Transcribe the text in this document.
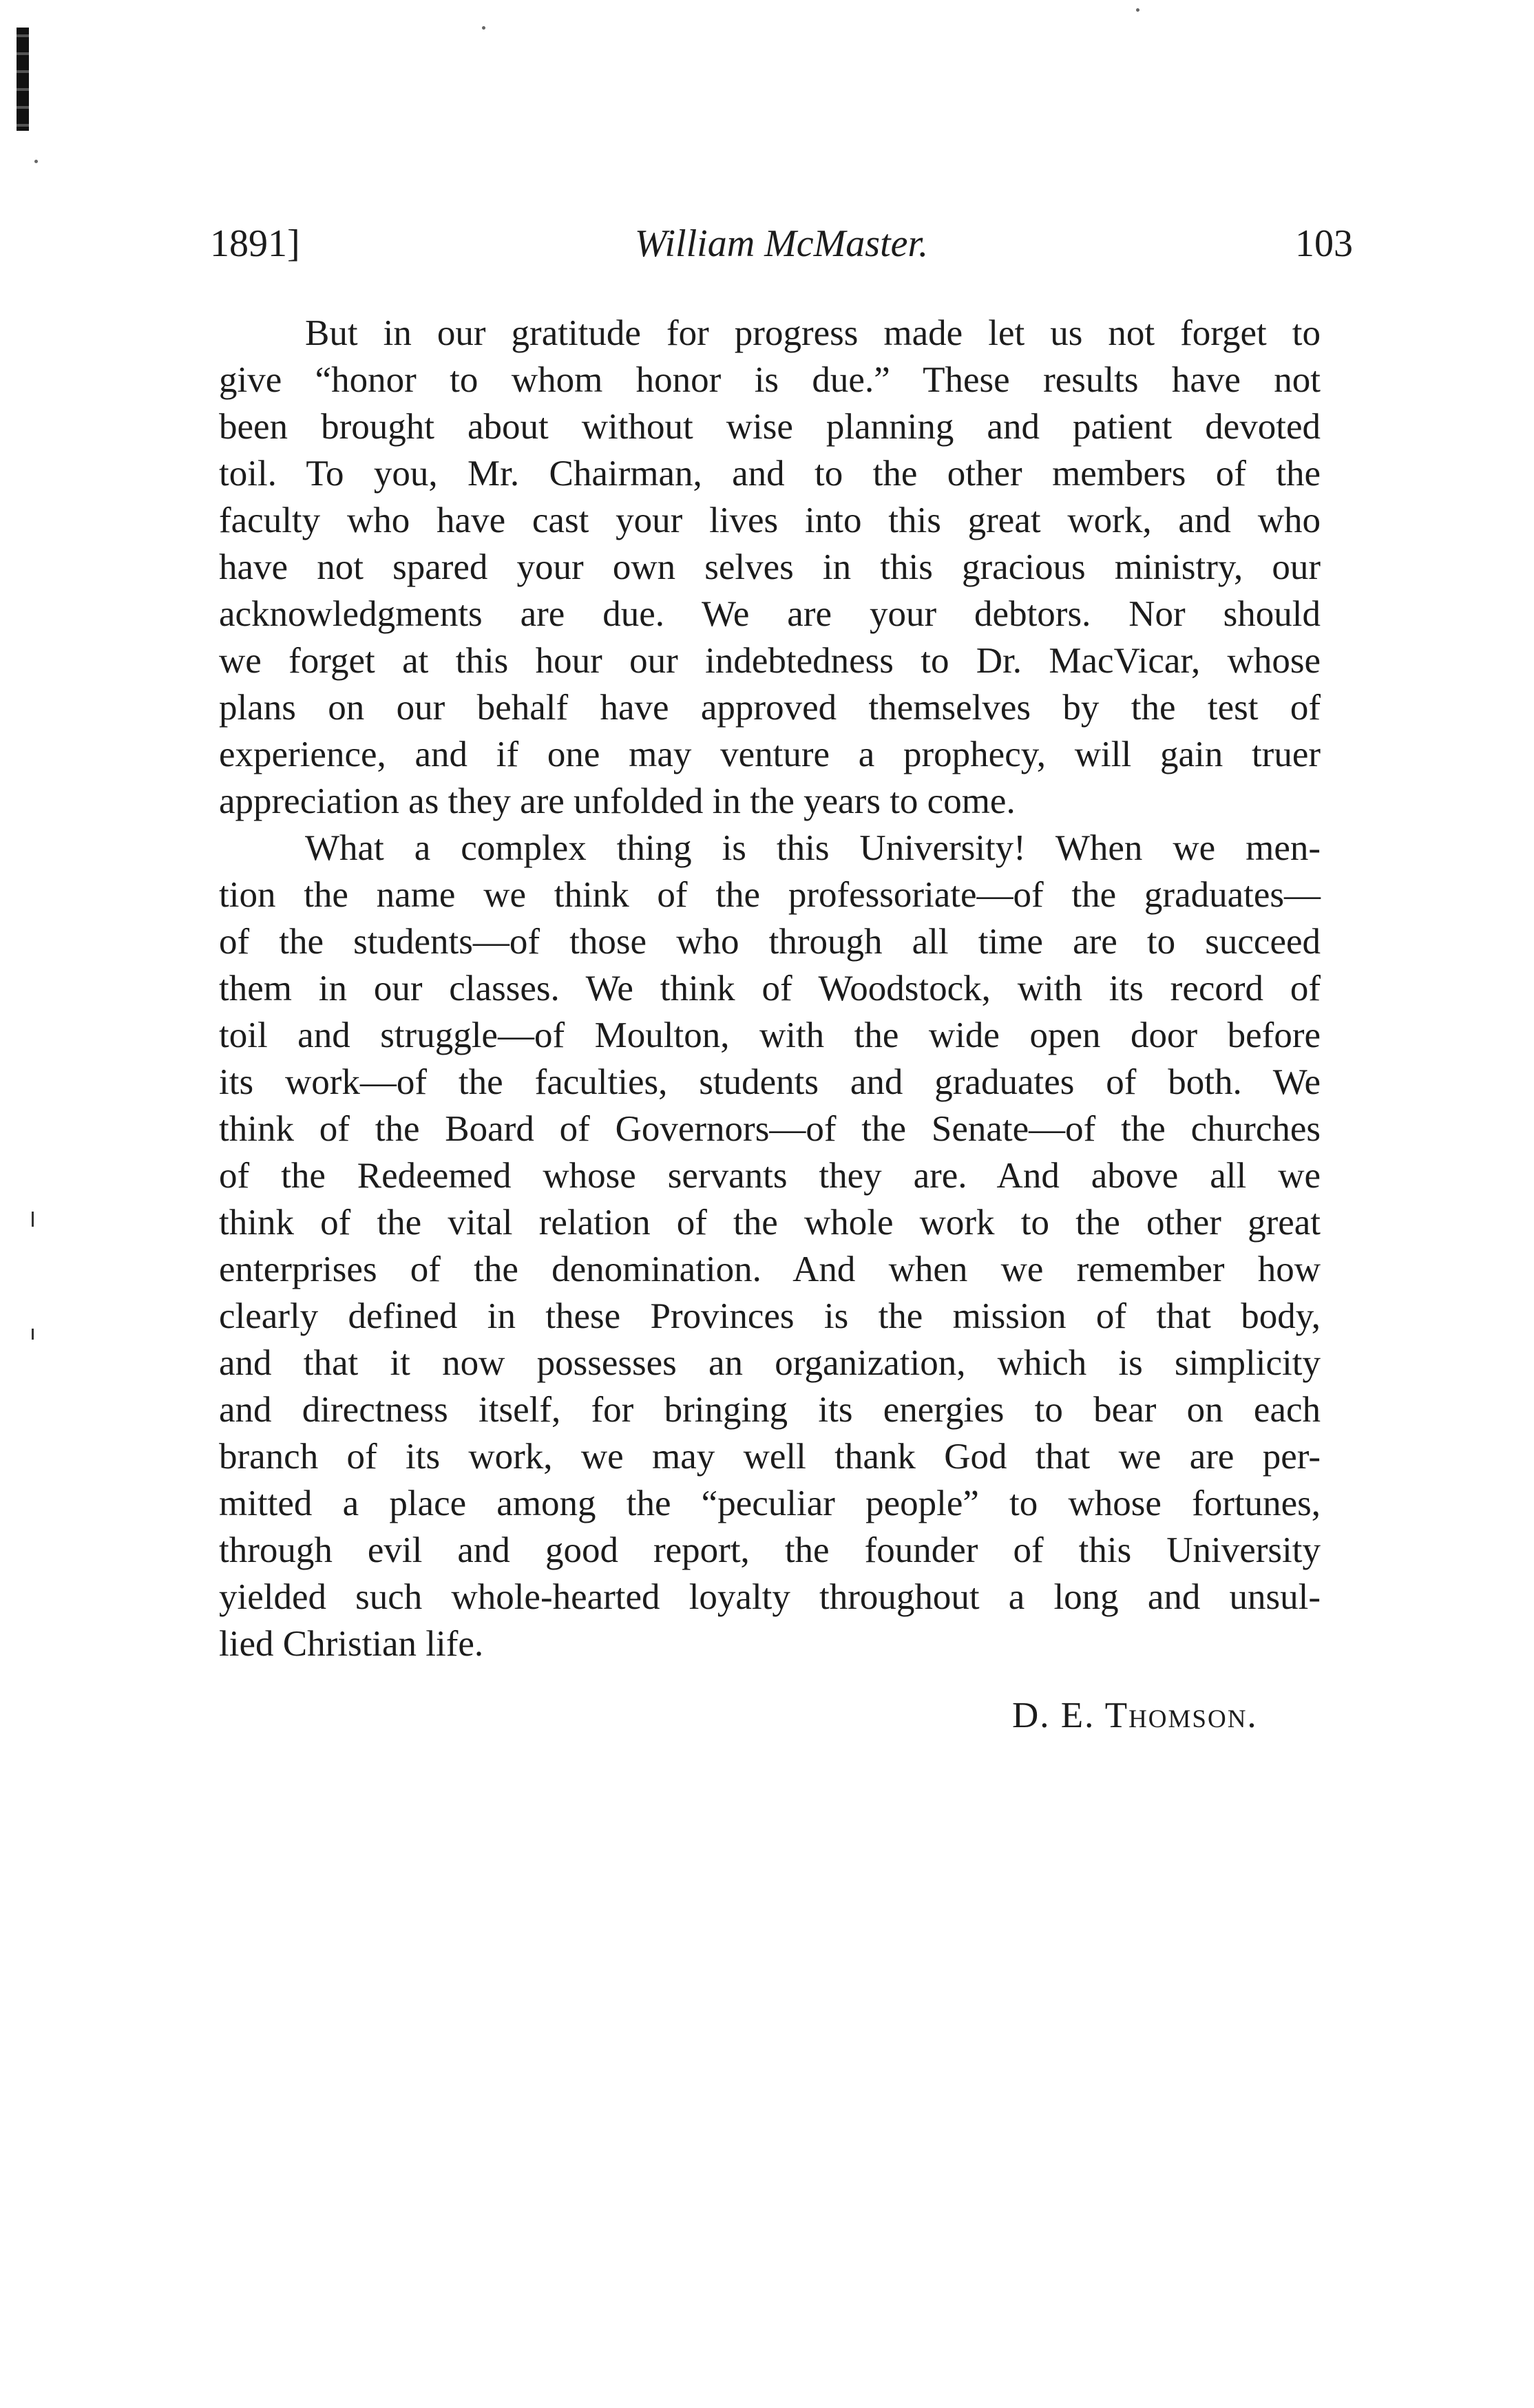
1891]	William McMaster.	103
But in our gratitude for progress made let us not forget to
give “honor to whom honor is due.” These results have not
been brought about without wise planning and patient devoted
toil. To you, Mr. Chairman, and to the other members of the
faculty who have cast your lives into this great work, and who
have not spared your own selves in this gracious ministry, our
acknowledgments are due. We are your debtors. Nor should
we forget at this hour our indebtedness to Dr. MacVicar, whose
plans on our behalf have approved themselves by the test of
experience, and if one may venture a prophecy, will gain truer
appreciation as they are unfolded in the years to come.
What a complex thing is this University! When we men-
tion the name we think of the professoriate—of the graduates—
of the students—of those who through all time are to succeed
them in our classes. We think of Woodstock, with its record of
toil and struggle—of Moulton, with the wide open door before
its work—of the faculties, students and graduates of both. We
think of the Board of Governors—of the Senate—of the churches
of the Redeemed whose servants they are. And above all we
think of the vital relation of the whole work to the other great
enterprises of the denomination. And when we remember how
clearly defined in these Provinces is the mission of that body,
and that it now possesses an organization, which is simplicity
and directness itself, for bringing its energies to bear on each
branch of its work, we may well thank God that we are per-
mitted a place among the “peculiar people” to whose fortunes,
through evil and good report, the founder of this University
yielded such whole-hearted loyalty throughout a long and unsul-
lied Christian life.
D. E. Thomson.
